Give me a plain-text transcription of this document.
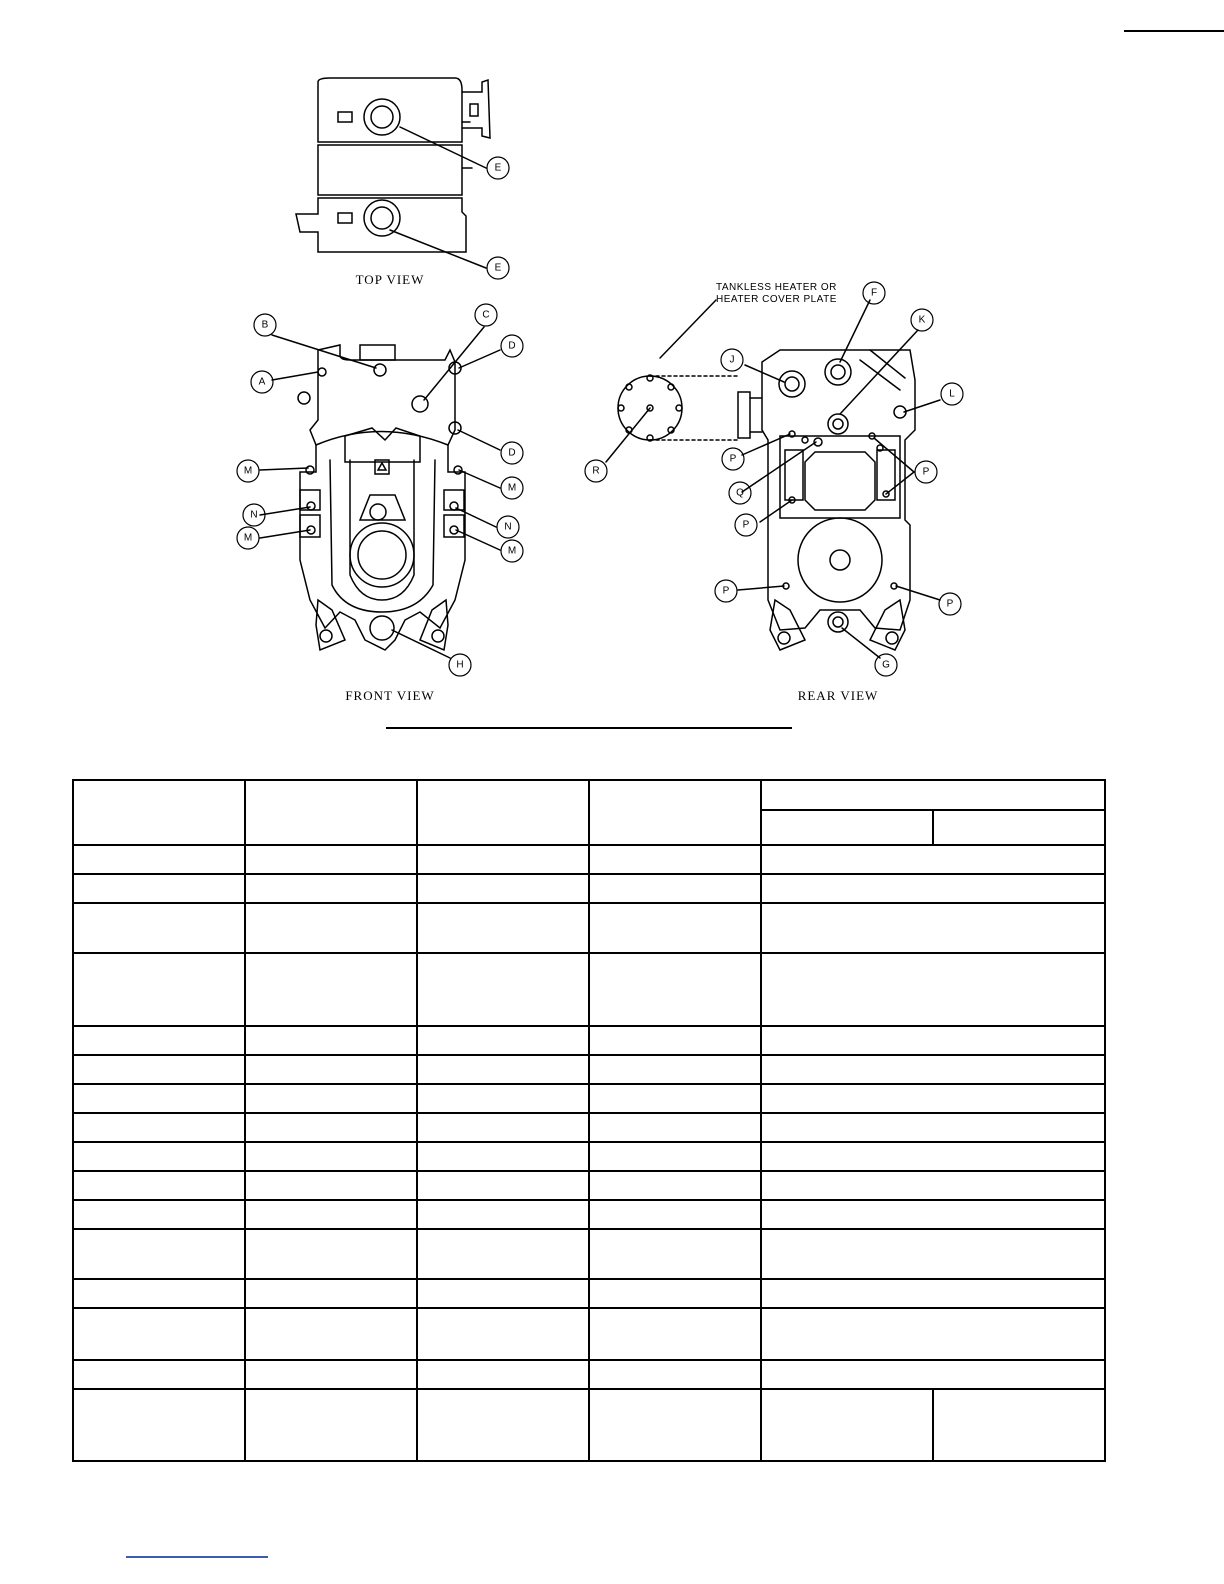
E
E
B
C
A
D
D
M
M
N
N
M
M
H
F
K
J
L
P
Q
P
P
P
P
G
R
TANKLESS HEATER OR
HEATER COVER PLATE
TOP VIEW
FRONT VIEW	REAR VIEW
